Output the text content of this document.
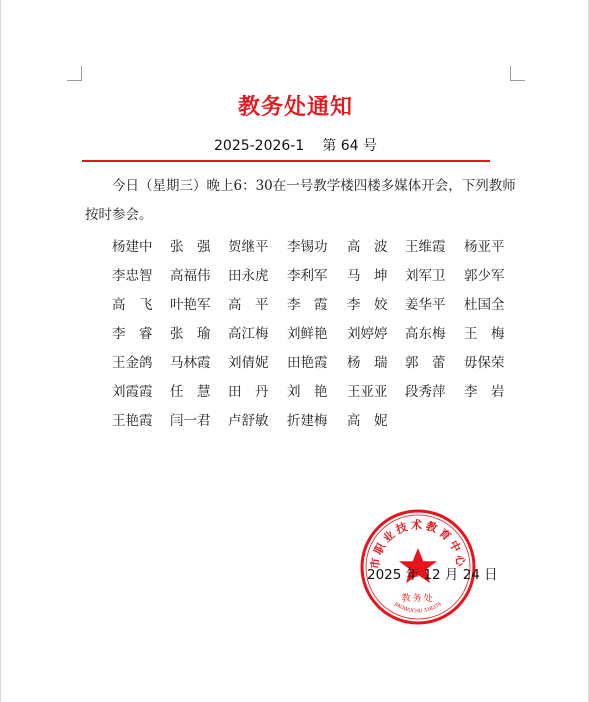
教务处通知
2025-2026-1 第 64 号
今日（星期三）晚上6：30在一号教学楼四楼多媒体开会，下列教师按时参会。
杨建中	张　强	贺继平	李锡功	高　波	王维霞	杨亚平
李忠智	高福伟	田永虎	李利军	马　坤	刘军卫	郭少军
高　飞	叶艳军	高　平	李　霞	李　姣	姜华平	杜国全
李　睿	张　瑜	高江梅	刘鲜艳	刘婷婷	高东梅	王　梅
王金鸽	马林霞	刘倩妮	田艳霞	杨　瑞	郭　蕾	毋保荣
刘霞霞	任　慧	田　丹	刘　艳	王亚亚	段秀萍	李　岩
王艳霞	闫一君	卢舒敏	折建梅	高　妮
市职业技术教育中心
教务处
JIAOWUCHU 318379
2025 年 12 月 24 日
